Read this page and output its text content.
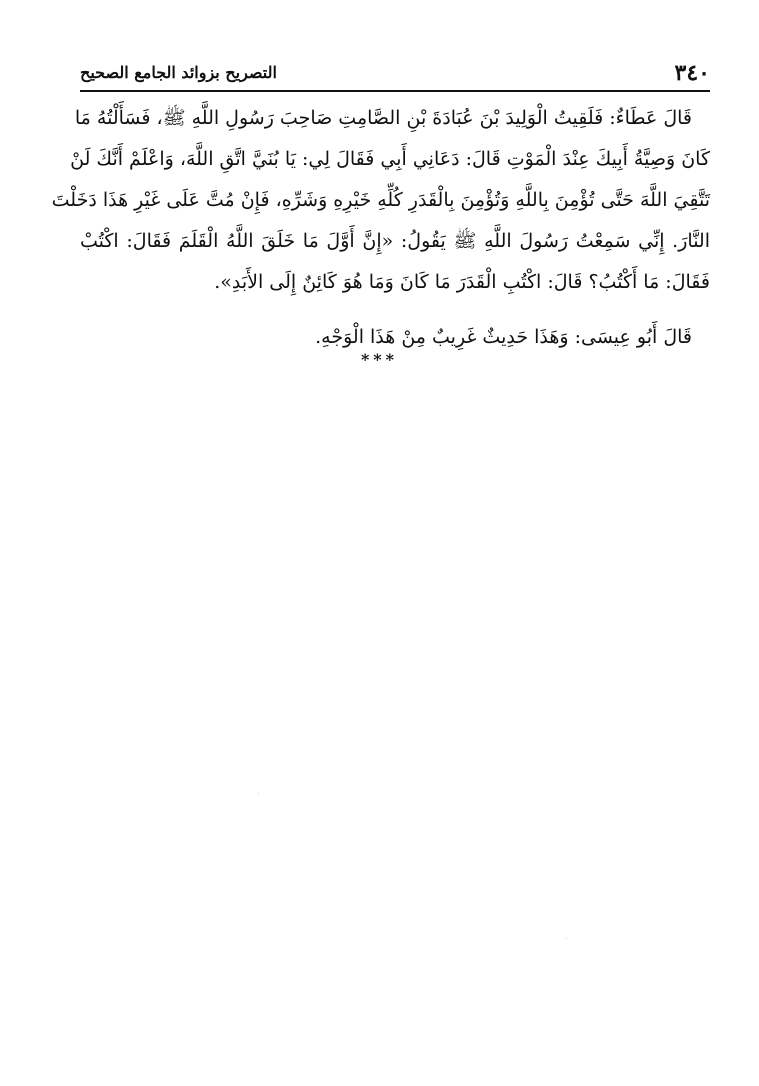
٣٤٠
التصريح بزوائد الجامع الصحيح
قَالَ عَطَاءٌ: فَلَقِيتُ الْوَلِيدَ بْنَ عُبَادَةَ بْنِ الصَّامِتِ صَاحِبَ رَسُولِ اللَّهِ ﷺ، فَسَأَلْتُهُ مَا
كَانَ وَصِيَّةُ أَبِيكَ عِنْدَ الْمَوْتِ قَالَ: دَعَانِي أَبِي فَقَالَ لِي: يَا بُنَيَّ اتَّقِ اللَّهَ، وَاعْلَمْ أَنَّكَ لَنْ
تَتَّقِيَ اللَّهَ حَتَّى تُؤْمِنَ بِاللَّهِ وَتُؤْمِنَ بِالْقَدَرِ كُلِّهِ خَيْرِهِ وَشَرِّهِ، فَإِنْ مُتَّ عَلَى غَيْرِ هَذَا دَخَلْتَ
النَّارَ. إِنِّي سَمِعْتُ رَسُولَ اللَّهِ ﷺ يَقُولُ: «إِنَّ أَوَّلَ مَا خَلَقَ اللَّهُ الْقَلَمَ فَقَالَ: اكْتُبْ
فَقَالَ: مَا أَكْتُبُ؟ قَالَ: اكْتُبِ الْقَدَرَ مَا كَانَ وَمَا هُوَ كَائِنٌ إِلَى الأَبَدِ».
قَالَ أَبُو عِيسَى: وَهَذَا حَدِيثٌ غَرِيبٌ مِنْ هَذَا الْوَجْهِ.
***
